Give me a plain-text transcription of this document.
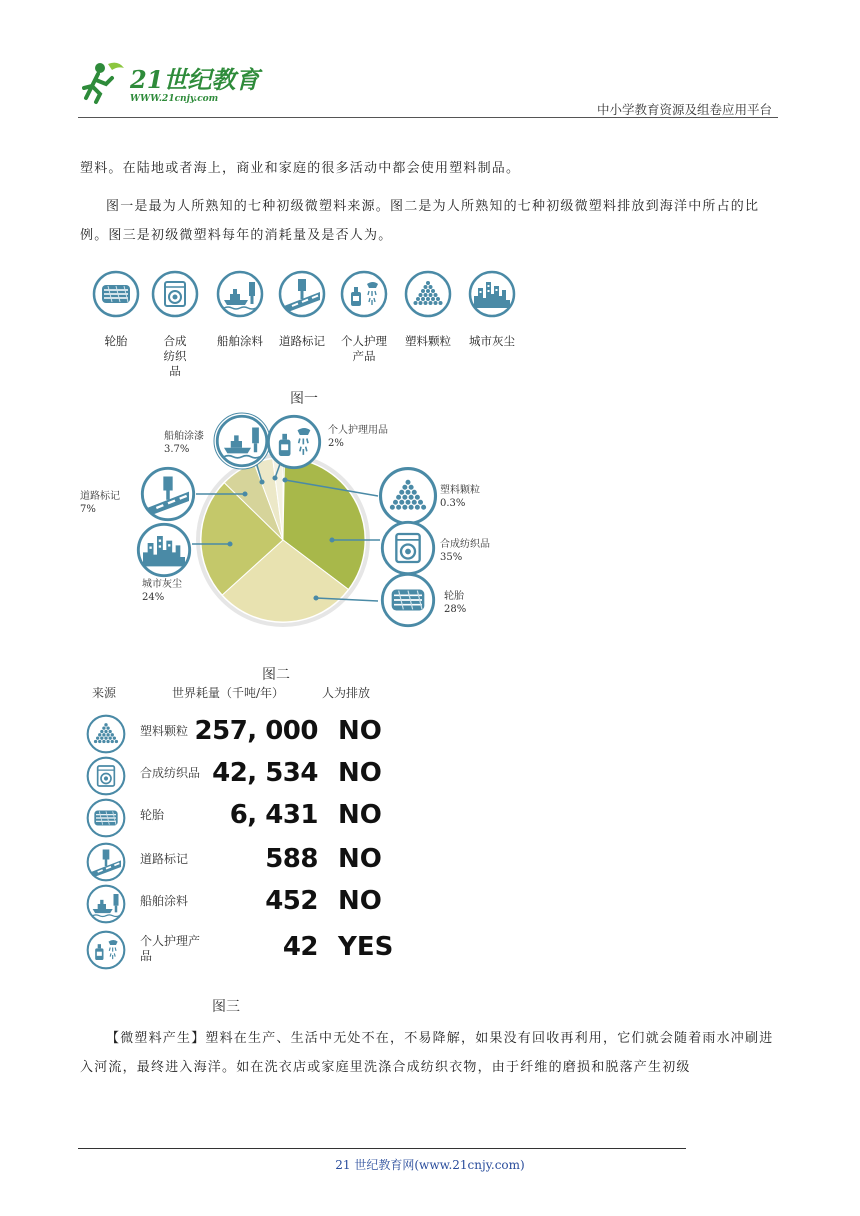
21世纪教育
WWW.21cnjy.com
中小学教育资源及组卷应用平台
塑料。在陆地或者海上，商业和家庭的很多活动中都会使用塑料制品。
图一是最为人所熟知的七种初级微塑料来源。图二是为人所熟知的七种初级微塑料排放到海洋中所占的比例。图三是初级微塑料每年的消耗量及是否人为。
轮胎	合成纺织品
船舶涂料	道路标记	个人护理产品
塑料颗粒	城市灰尘
图一
船舶涂漆
3.7%
个人护理用品
2%
道路标记
7%
城市灰尘
24%
塑料颗粒
0.3%
合成纺织品
35%
轮胎
28%
图二
来源	世界耗量（千吨/年）	人为排放
塑料颗粒 257, 000 NO
合成纺织品 42, 534 NO
轮胎	6, 431 NO
道路标记	588 NO
船舶涂料	452 NO
个人护理产品	42 YES
图三
【微塑料产生】塑料在生产、生活中无处不在，不易降解，如果没有回收再利用，它们就会随着雨水冲刷进入河流，最终进入海洋。如在洗衣店或家庭里洗涤合成纺织衣物，由于纤维的磨损和脱落产生初级
21 世纪教育网(www.21cnjy.com)
